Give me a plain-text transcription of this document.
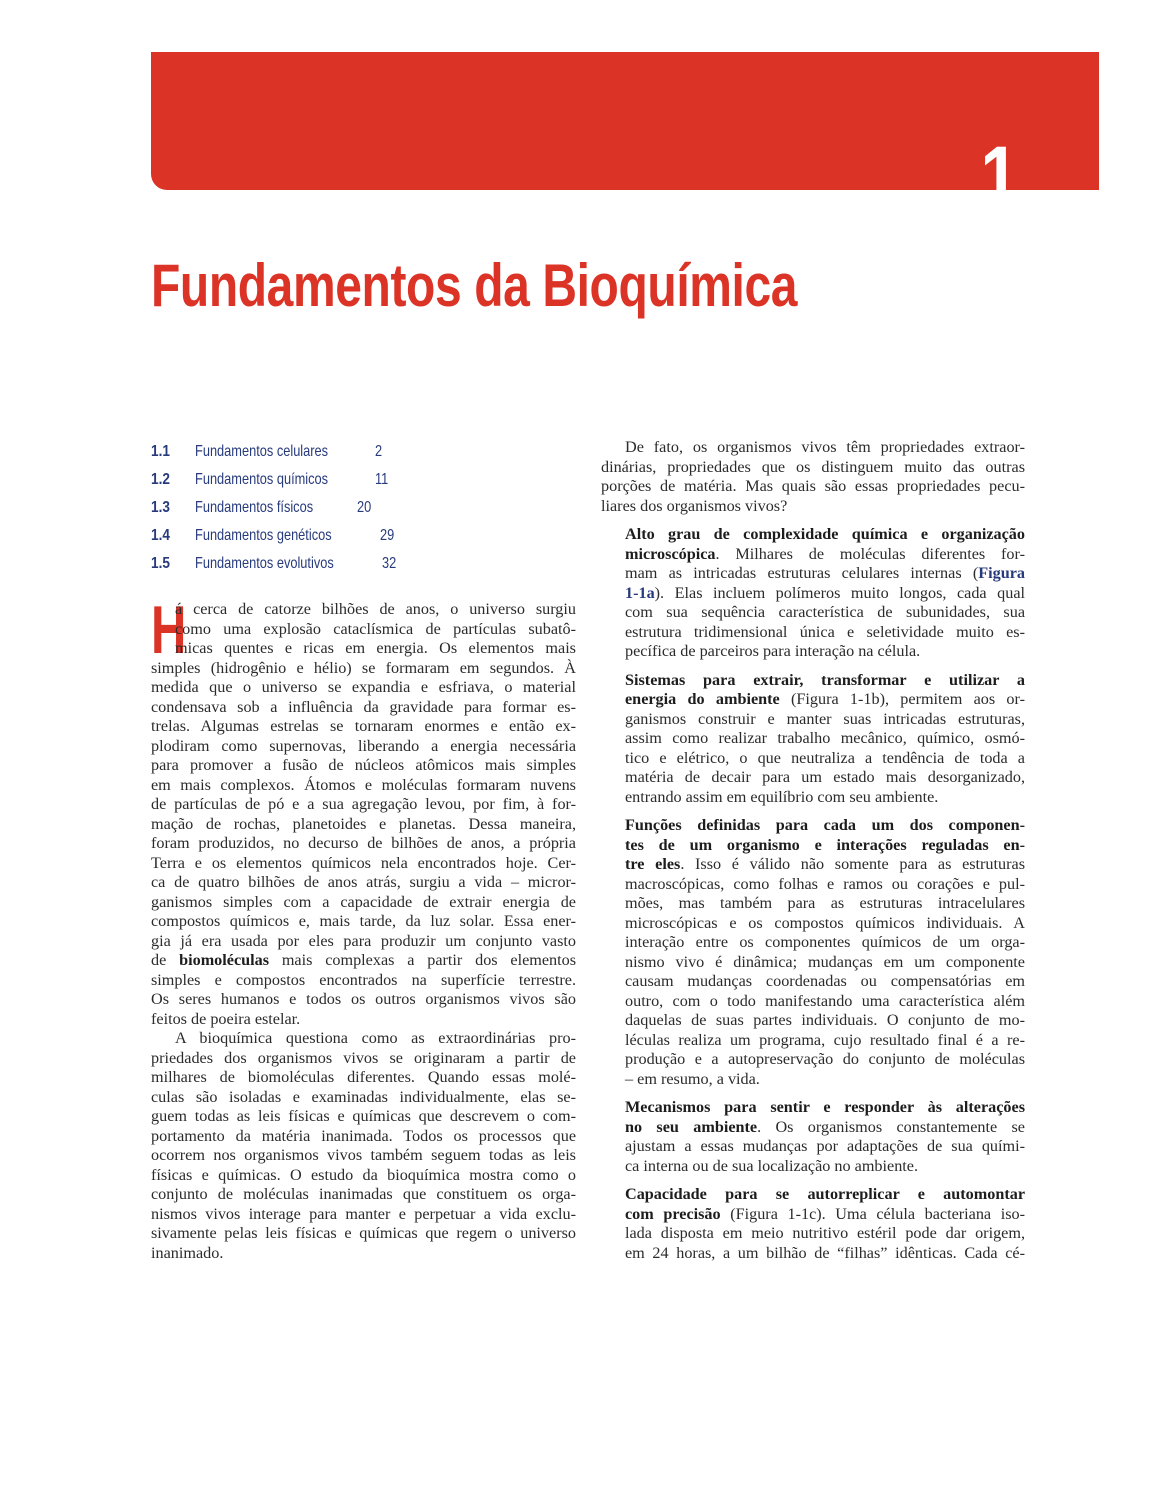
1
Fundamentos da Bioquímica
1.1	Fundamentos celulares	2
1.2	Fundamentos químicos	11
1.3	Fundamentos físicos	20
1.4	Fundamentos genéticos	29
1.5	Fundamentos evolutivos	32
H
á cerca de catorze bilhões de anos, o universo surgiu
como uma explosão cataclísmica de partículas subatô-
micas quentes e ricas em energia. Os elementos mais
simples (hidrogênio e hélio) se formaram em segundos. À
medida que o universo se expandia e esfriava, o material
condensava sob a influência da gravidade para formar es-
trelas. Algumas estrelas se tornaram enormes e então ex-
plodiram como supernovas, liberando a energia necessária
para promover a fusão de núcleos atômicos mais simples
em mais complexos. Átomos e moléculas formaram nuvens
de partículas de pó e a sua agregação levou, por fim, à for-
mação de rochas, planetoides e planetas. Dessa maneira,
foram produzidos, no decurso de bilhões de anos, a própria
Terra e os elementos químicos nela encontrados hoje. Cer-
ca de quatro bilhões de anos atrás, surgiu a vida – micror-
ganismos simples com a capacidade de extrair energia de
compostos químicos e, mais tarde, da luz solar. Essa ener-
gia já era usada por eles para produzir um conjunto vasto
de biomoléculas mais complexas a partir dos elementos
simples e compostos encontrados na superfície terrestre.
Os seres humanos e todos os outros organismos vivos são
feitos de poeira estelar.
A bioquímica questiona como as extraordinárias pro-
priedades dos organismos vivos se originaram a partir de
milhares de biomoléculas diferentes. Quando essas molé-
culas são isoladas e examinadas individualmente, elas se-
guem todas as leis físicas e químicas que descrevem o com-
portamento da matéria inanimada. Todos os processos que
ocorrem nos organismos vivos também seguem todas as leis
físicas e químicas. O estudo da bioquímica mostra como o
conjunto de moléculas inanimadas que constituem os orga-
nismos vivos interage para manter e perpetuar a vida exclu-
sivamente pelas leis físicas e químicas que regem o universo
inanimado.
De fato, os organismos vivos têm propriedades extraor-
dinárias, propriedades que os distinguem muito das outras
porções de matéria. Mas quais são essas propriedades pecu-
liares dos organismos vivos?
Alto grau de complexidade química e organização
microscópica. Milhares de moléculas diferentes for-
mam as intricadas estruturas celulares internas (Figura
1-1a). Elas incluem polímeros muito longos, cada qual
com sua sequência característica de subunidades, sua
estrutura tridimensional única e seletividade muito es-
pecífica de parceiros para interação na célula.
Sistemas para extrair, transformar e utilizar a
energia do ambiente (Figura 1-1b), permitem aos or-
ganismos construir e manter suas intricadas estruturas,
assim como realizar trabalho mecânico, químico, osmó-
tico e elétrico, o que neutraliza a tendência de toda a
matéria de decair para um estado mais desorganizado,
entrando assim em equilíbrio com seu ambiente.
Funções definidas para cada um dos componen-
tes de um organismo e interações reguladas en-
tre eles. Isso é válido não somente para as estruturas
macroscópicas, como folhas e ramos ou corações e pul-
mões, mas também para as estruturas intracelulares
microscópicas e os compostos químicos individuais. A
interação entre os componentes químicos de um orga-
nismo vivo é dinâmica; mudanças em um componente
causam mudanças coordenadas ou compensatórias em
outro, com o todo manifestando uma característica além
daquelas de suas partes individuais. O conjunto de mo-
léculas realiza um programa, cujo resultado final é a re-
produção e a autopreservação do conjunto de moléculas
– em resumo, a vida.
Mecanismos para sentir e responder às alterações
no seu ambiente. Os organismos constantemente se
ajustam a essas mudanças por adaptações de sua quími-
ca interna ou de sua localização no ambiente.
Capacidade para se autorreplicar e automontar
com precisão (Figura 1-1c). Uma célula bacteriana iso-
lada disposta em meio nutritivo estéril pode dar origem,
em 24 horas, a um bilhão de “filhas” idênticas. Cada cé-
